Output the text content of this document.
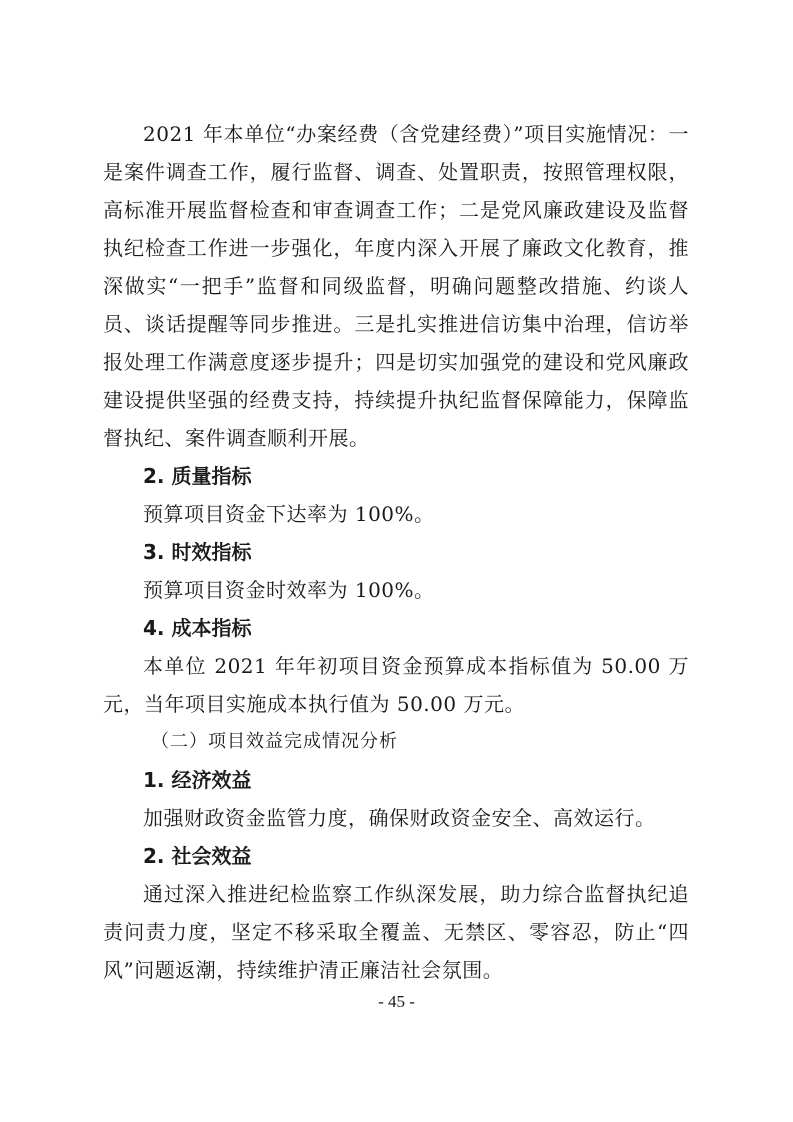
2021 年本单位“办案经费（含党建经费）”项目实施情况：一是案件调查工作，履行监督、调查、处置职责，按照管理权限，高标准开展监督检查和审查调查工作；二是党风廉政建设及监督执纪检查工作进一步强化，年度内深入开展了廉政文化教育，推深做实“一把手”监督和同级监督，明确问题整改措施、约谈人员、谈话提醒等同步推进。三是扎实推进信访集中治理，信访举报处理工作满意度逐步提升；四是切实加强党的建设和党风廉政建设提供坚强的经费支持，持续提升执纪监督保障能力，保障监督执纪、案件调查顺利开展。

2. 质量指标

预算项目资金下达率为 100%。

3. 时效指标

预算项目资金时效率为 100%。

4. 成本指标

本单位 2021 年年初项目资金预算成本指标值为 50.00 万元，当年项目实施成本执行值为 50.00 万元。

（二）项目效益完成情况分析

1. 经济效益

加强财政资金监管力度，确保财政资金安全、高效运行。

2. 社会效益

通过深入推进纪检监察工作纵深发展，助力综合监督执纪追责问责力度，坚定不移采取全覆盖、无禁区、零容忍，防止“四风”问题返潮，持续维护清正廉洁社会氛围。

- 45 -
